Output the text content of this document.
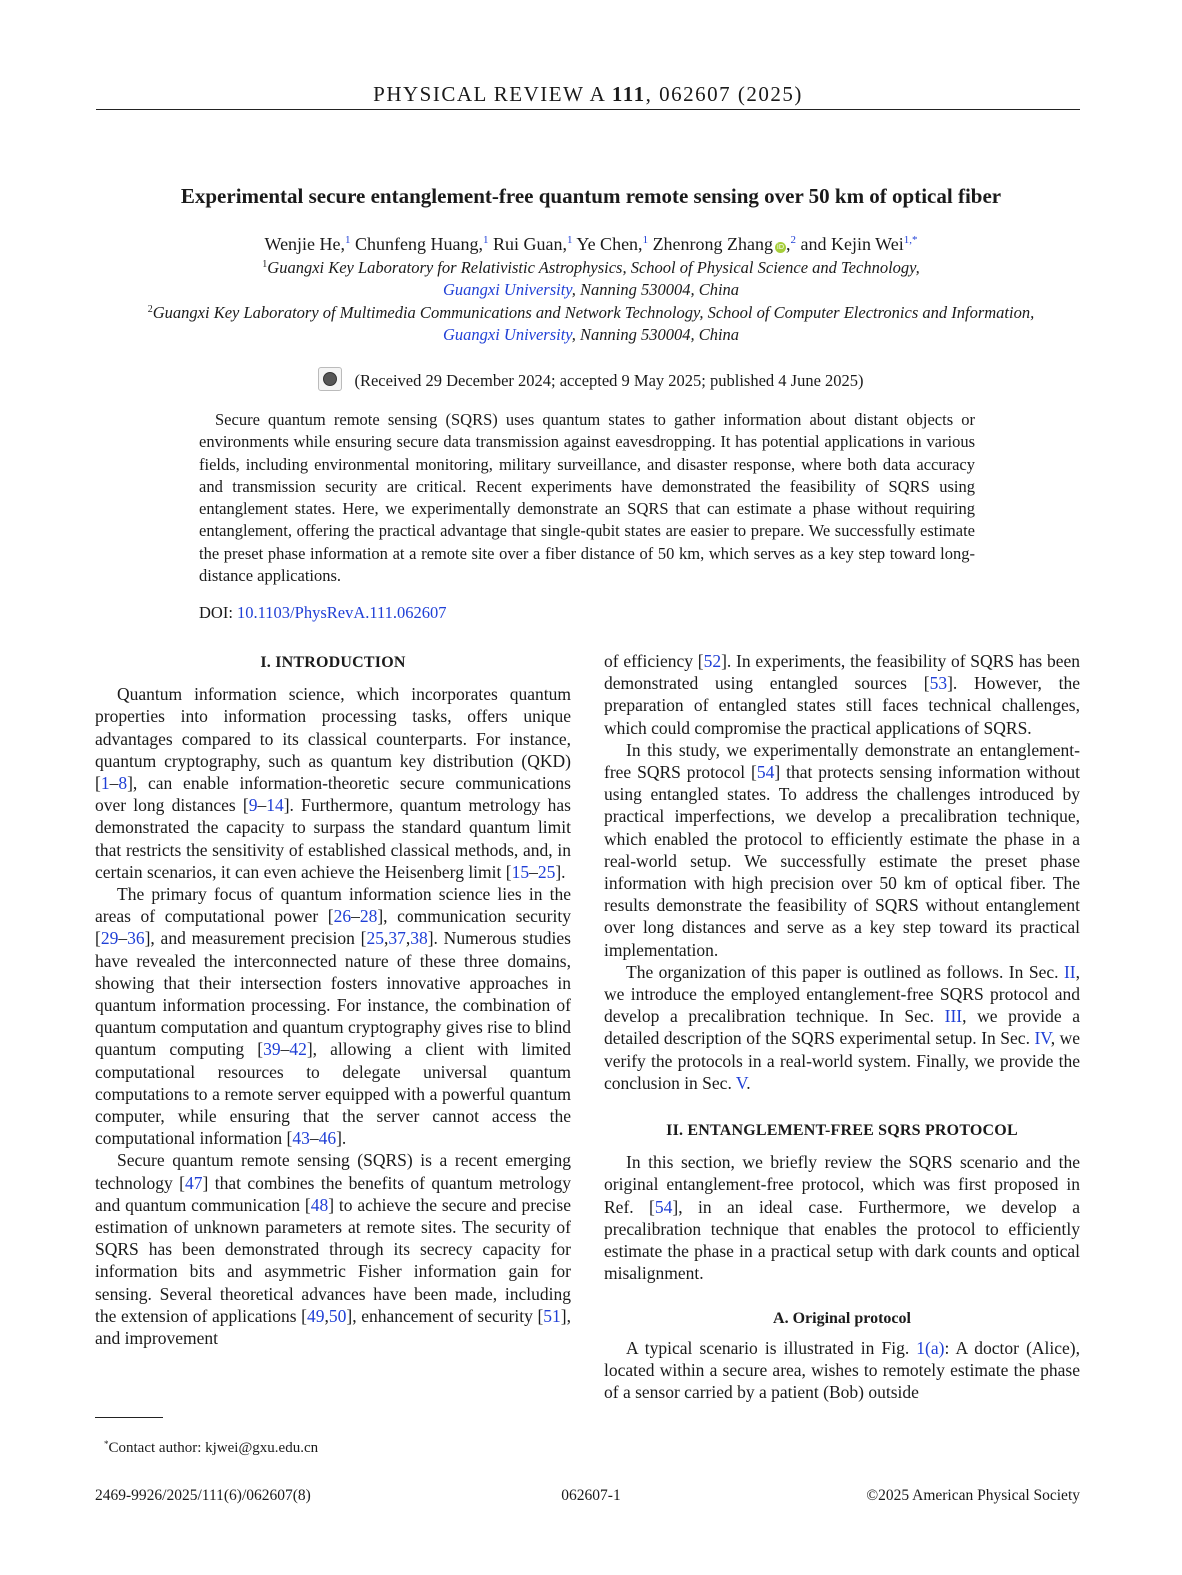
PHYSICAL REVIEW A 111, 062607 (2025)
Experimental secure entanglement-free quantum remote sensing over 50 km of optical fiber
Wenjie He,$^1$ Chunfeng Huang,$^1$ Rui Guan,$^1$ Ye Chen,$^1$ Zhenrong Zhang iD ,$^2$ and Kejin Wei$^{1,*}$
$^1$Guangxi Key Laboratory for Relativistic Astrophysics, School of Physical Science and Technology,
Guangxi University, Nanning 530004, China
$^2$Guangxi Key Laboratory of Multimedia Communications and Network Technology, School of Computer Electronics and Information,
Guangxi University, Nanning 530004, China
(Received 29 December 2024; accepted 9 May 2025; published 4 June 2025)
Secure quantum remote sensing (SQRS) uses quantum states to gather information about distant objects or environments while ensuring secure data transmission against eavesdropping. It has potential applications in various fields, including environmental monitoring, military surveillance, and disaster response, where both data accuracy and transmission security are critical. Recent experiments have demonstrated the feasibility of SQRS using entanglement states. Here, we experimentally demonstrate an SQRS that can estimate a phase without requiring entanglement, offering the practical advantage that single-qubit states are easier to prepare. We successfully estimate the preset phase information at a remote site over a fiber distance of 50 km, which serves as a key step toward long-distance applications.
DOI: 10.1103/PhysRevA.111.062607
I. INTRODUCTION

Quantum information science, which incorporates quantum properties into information processing tasks, offers unique advantages compared to its classical counterparts. For instance, quantum cryptography, such as quantum key distribution (QKD) [1–8], can enable information-theoretic secure communications over long distances [9–14]. Furthermore, quantum metrology has demonstrated the capacity to surpass the standard quantum limit that restricts the sensitivity of established classical methods, and, in certain scenarios, it can even achieve the Heisenberg limit [15–25].

The primary focus of quantum information science lies in the areas of computational power [26–28], communication security [29–36], and measurement precision [25,37,38]. Numerous studies have revealed the interconnected nature of these three domains, showing that their intersection fosters innovative approaches in quantum information processing. For instance, the combination of quantum computation and quantum cryptography gives rise to blind quantum computing [39–42], allowing a client with limited computational resources to delegate universal quantum computations to a remote server equipped with a powerful quantum computer, while ensuring that the server cannot access the computational information [43–46].

Secure quantum remote sensing (SQRS) is a recent emerging technology [47] that combines the benefits of quantum metrology and quantum communication [48] to achieve the secure and precise estimation of unknown parameters at remote sites. The security of SQRS has been demonstrated through its secrecy capacity for information bits and asymmetric Fisher information gain for sensing. Several theoretical advances have been made, including the extension of applications [49,50], enhancement of security [51], and improvement

of efficiency [52]. In experiments, the feasibility of SQRS has been demonstrated using entangled sources [53]. However, the preparation of entangled states still faces technical challenges, which could compromise the practical applications of SQRS.

In this study, we experimentally demonstrate an entanglement-free SQRS protocol [54] that protects sensing information without using entangled states. To address the challenges introduced by practical imperfections, we develop a precalibration technique, which enabled the protocol to efficiently estimate the phase in a real-world setup. We successfully estimate the preset phase information with high precision over 50 km of optical fiber. The results demonstrate the feasibility of SQRS without entanglement over long distances and serve as a key step toward its practical implementation.

The organization of this paper is outlined as follows. In Sec. II, we introduce the employed entanglement-free SQRS protocol and develop a precalibration technique. In Sec. III, we provide a detailed description of the SQRS experimental setup. In Sec. IV, we verify the protocols in a real-world system. Finally, we provide the conclusion in Sec. V.

II. ENTANGLEMENT-FREE SQRS PROTOCOL

In this section, we briefly review the SQRS scenario and the original entanglement-free protocol, which was first proposed in Ref. [54], in an ideal case. Furthermore, we develop a precalibration technique that enables the protocol to efficiently estimate the phase in a practical setup with dark counts and optical misalignment.

A. Original protocol

A typical scenario is illustrated in Fig. 1(a): A doctor (Alice), located within a secure area, wishes to remotely estimate the phase of a sensor carried by a patient (Bob) outside

*Contact author: kjwei@gxu.edu.cn
2469-9926/2025/111(6)/062607(8)	062607-1	©2025 American Physical Society
